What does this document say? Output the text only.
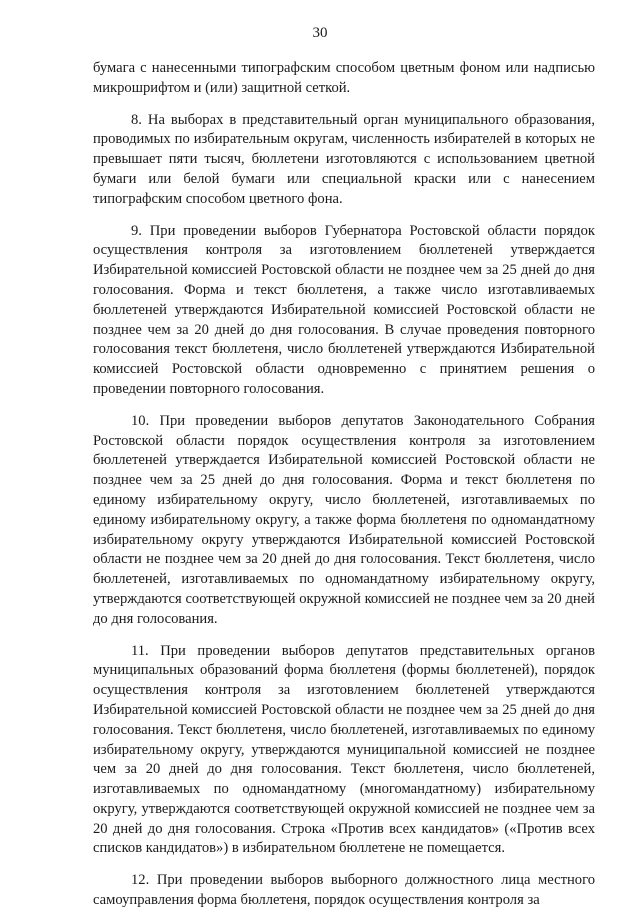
30

бумага с нанесенными типографским способом цветным фоном или надписью микрошрифтом и (или) защитной сеткой.

8. На выборах в представительный орган муниципального образования, проводимых по избирательным округам, численность избирателей в которых не превышает пяти тысяч, бюллетени изготовляются с использованием цветной бумаги или белой бумаги или специальной краски или с нанесением типографским способом цветного фона.

9. При проведении выборов Губернатора Ростовской области порядок осуществления контроля за изготовлением бюллетеней утверждается Избирательной комиссией Ростовской области не позднее чем за 25 дней до дня голосования. Форма и текст бюллетеня, а также число изготавливаемых бюллетеней утверждаются Избирательной комиссией Ростовской области не позднее чем за 20 дней до дня голосования. В случае проведения повторного голосования текст бюллетеня, число бюллетеней утверждаются Избирательной комиссией Ростовской области одновременно с принятием решения о проведении повторного голосования.

10. При проведении выборов депутатов Законодательного Собрания Ростовской области порядок осуществления контроля за изготовлением бюллетеней утверждается Избирательной комиссией Ростовской области не позднее чем за 25 дней до дня голосования. Форма и текст бюллетеня по единому избирательному округу, число бюллетеней, изготавливаемых по единому избирательному округу, а также форма бюллетеня по одномандатному избирательному округу утверждаются Избирательной комиссией Ростовской области не позднее чем за 20 дней до дня голосования. Текст бюллетеня, число бюллетеней, изготавливаемых по одномандатному избирательному округу, утверждаются соответствующей окружной комиссией не позднее чем за 20 дней до дня голосования.

11. При проведении выборов депутатов представительных органов муниципальных образований форма бюллетеня (формы бюллетеней), порядок осуществления контроля за изготовлением бюллетеней утверждаются Избирательной комиссией Ростовской области не позднее чем за 25 дней до дня голосования. Текст бюллетеня, число бюллетеней, изготавливаемых по единому избирательному округу, утверждаются муниципальной комиссией не позднее чем за 20 дней до дня голосования. Текст бюллетеня, число бюллетеней, изготавливаемых по одномандатному (многомандатному) избирательному округу, утверждаются соответствующей окружной комиссией не позднее чем за 20 дней до дня голосования. Строка «Против всех кандидатов» («Против всех списков кандидатов») в избирательном бюллетене не помещается.

12. При проведении выборов выборного должностного лица местного самоуправления форма бюллетеня, порядок осуществления контроля за
